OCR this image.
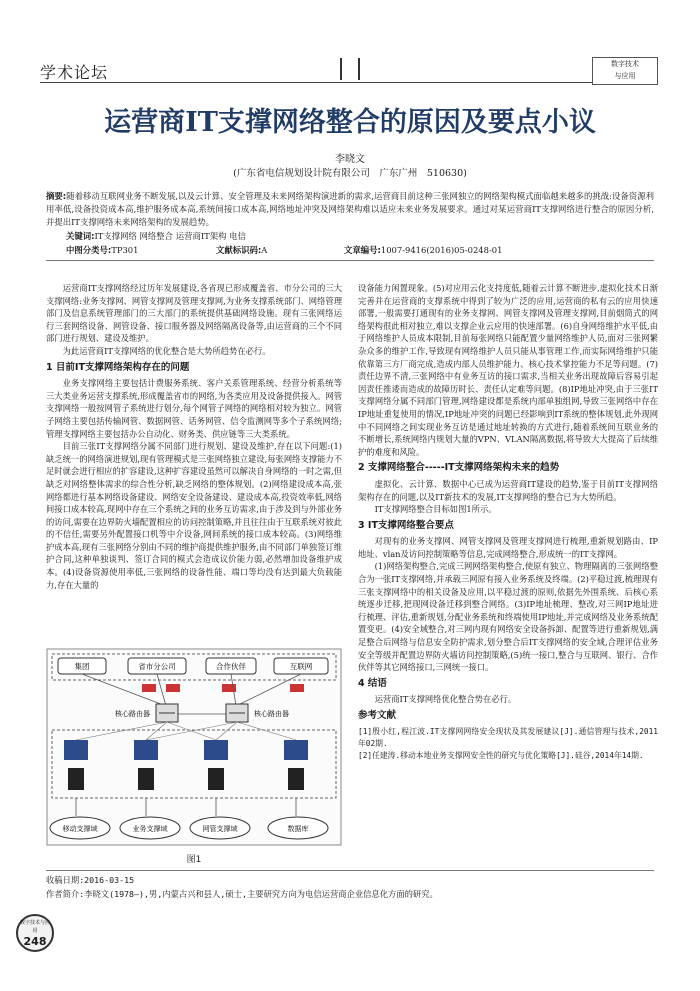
学术论坛	数字技术
与应用
运营商IT支撑网络整合的原因及要点小议
李晓文
(广东省电信规划设计院有限公司　广东广州　510630)
摘要:随着移动互联网业务不断发展,以及云计算、安全管理及未来网络架构演进新的需求,运营商目前这种三张网独立的网络架构模式面临越来越多的挑战:设备资源利用率低,设备投资成本高,维护服务成本高,系统间接口成本高,网络地址冲突及网络架构难以适应未来业务发展要求。通过对某运营商IT支撑网络进行整合的原因分析,并提出IT支撑网络未来网络架构的发展趋势。
关键词:IT支撑网络 网络整合 运营商IT架构 电信
中图分类号: TP301	文献标识码: A	文章编号: 1007-9416(2016)05-0248-01

运营商IT支撑网络经过历年发展建设,各省现已形成覆盖省、市分公司的三大支撑网络:业务支撑网、网管支撑网及管理支撑网,为业务支撑系统部门、网络管理部门及信息系统管理部门的三大部门的系统提供基础网络设施。现有三张网络运行三套网络设备、网管设备、接口服务器及网络隔离设备等,由运营商的三个不同部门进行规划、建设及维护。

为此运营商IT支撑网络的优化整合是大势所趋势在必行。

1 目前IT支撑网络架构存在的问题

业务支撑网络主要包括计费服务系统、客户关系管理系统、经营分析系统等三大类业务运营支撑系统,形成覆盖省市的网络,为各类应用及设备提供接入。网管支撑网络一般按网管子系统进行划分,每个网管子网络的网络相对较为独立。网管子网络主要包括传输网管、数据网管、话务网管、信令监测网等多个子系统网络;管理支撑网络主要包括办公自动化、财务类、供应链等三大类系统。

目前三张IT支撑网络分属不同部门进行规划、建设及维护,存在以下问题:(1)缺乏统一的网络演进规划,现有管理模式是三张网络独立建设,每张网络支撑能力不足时就会进行相应的扩容建设,这种扩容建设虽然可以解决自身网络的一时之需,但缺乏对网络整体需求的综合性分析,缺乏网络的整体规划。(2)网络建设成本高,张网络都进行基本网络设备建设、网络安全设备建设、建设成本高,投资效率低,网络间接口成本较高,现网中存在三个系统之间的业务互访需求,由于涉及到与外部业务的访问,需要在边界防火墙配置相应的访问控制策略,并且往往由于互联系统对彼此的不信任,需要另外配置接口机等中介设备,网间系统的接口成本较高。(3)网络维护成本高,现有三张网络分别由不同的维护商提供维护服务,由不同部门单独签订维护合同,这种单独谈判、签订合同的模式会造成议价能力弱,必然增加设备维护成本。(4)设备资源使用率低,三张网络的设备性能、端口等均没有达到最大负载能力,存在大量的

集团	省市分公司	合作伙伴	互联网
核心路由器	核心路由器
移动支撑域	业务支撑域	网管支撑域	数据库
图1

设备能力闲置现象。(5)对应用云化支持度低,随着云计算不断进步,虚拟化技术日渐完善并在运营商的支撑系统中得到了较为广泛的应用,运营商的私有云的应用快速部署,一般需要打通现有的业务支撑网、网管支撑网及管理支撑网,目前烟筒式的网络架构很此相对独立,难以支撑企业云应用的快速部署。(6)自身网络维护水平低,由于网络维护人员成本限制,目前每张网络只能配置少量网络维护人员,面对三张网繁杂众多的维护工作,导致现有网络维护人员只能从事管理工作,而实际网络维护只能依靠第三方厂商完成,造成内部人员维护能力、核心技术掌控能力不足等问题。(7)责任边界不清,三张网络中有业务互访的接口需求,当相关业务出现故障后容易引起因责任推诿而造成的故障历时长、责任认定难等问题。(8)IP地址冲突,由于三张IT支撑网络分属不同部门管理,网络建设都是系统内部单独组网,导致三张网络中存在IP地址重复使用的情况,IP地址冲突的问题已经影响到IT系统的整体规划,此外现网中不同网络之间实现业务互访是通过地址转换的方式进行,随着系统间互联业务的不断增长,系统网络内规划大量的VPN、VLAN隔离数据,将导致大大提高了后续维护的难度和风险。

2 支撑网络整合-----IT支撑网络架构未来的趋势

虚拟化、云计算、数据中心已成为运营商IT建设的趋势,鉴于目前IT支撑网络架构存在的问题,以及IT新技术的发展,IT支撑网络的整合已为大势所趋。

IT支撑网络整合目标如图1所示。

3 IT支撑网络整合要点

对现有的业务支撑网、网管支撑网及管理支撑网进行梳理,重新规划路由、IP地址、vlan及访问控制策略等信息,完成网络整合,形成统一的IT支撑网。

(1)网络架构整合,完成三网网络架构整合,使原有独立、物理隔离的三张网络整合为一张IT支撑网络,并承载三网原有接入业务系统及终端。(2)平稳过渡,梳理现有三张支撑网络中的相关设备及应用,以平稳过渡的原则,依据先外围系统、后核心系统逐步迁移,把现网设备迁移到整合网络。(3)IP地址梳理、整改,对三网IP地址进行梳理、评估,重新规划,分配业务系统和终端使用IP地址,并完成网络及业务系统配置变更。(4)安全域整合,对三网内现有网络安全设备拆卸、配置等进行重新规划,满足整合后网络与信息安全防护需求,划分整合后IT支撑网络的安全域,合理评估业务安全等级并配置边界防火墙访问控制策略,(5)统一接口,整合与互联网、银行、合作伙伴等其它网络接口,三网统一接口。

4 结语

运营商IT支撑网络优化整合势在必行。

参考文献

[1]殷小红,程江波.IT支撑网网络安全现状及其发展建议[J].通信管理与技术,2011年02期.

[2]任建涛.移动本地业务支撑网安全性的研究与优化策略[J].硅谷,2014年14期.

收稿日期:2016-03-15
作者简介:李晓文(1978—),男,内蒙古兴和县人,硕士,主要研究方向为电信运营商企业信息化方面的研究。
数字技术与应用
248
